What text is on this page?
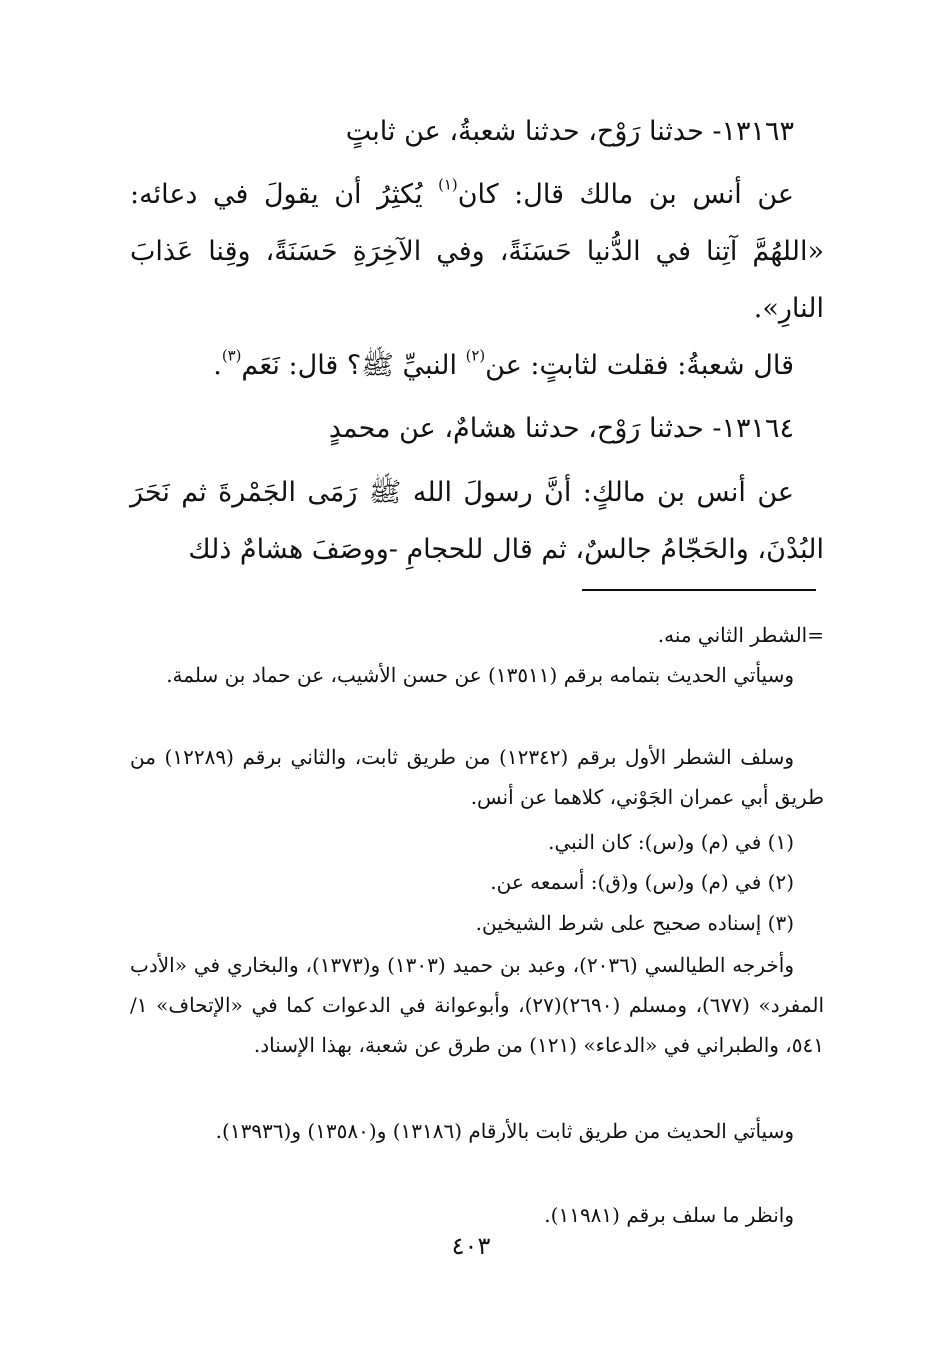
١٣١٦٣- حدثنا رَوْح، حدثنا شعبةُ، عن ثابتٍ

عن أنس بن مالك قال: كان$^{(١)}$ يُكثِرُ أن يقولَ في دعائه: «اللهُمَّ آتِنا في الدُّنيا حَسَنَةً، وفي الآخِرَةِ حَسَنَةً، وقِنا عَذابَ النارِ».

قال شعبةُ: فقلت لثابتٍ: عن$^{(٢)}$ النبيِّ ﷺ؟ قال: نَعَم$^{(٣)}$.

١٣١٦٤- حدثنا رَوْح، حدثنا هشامٌ، عن محمدٍ

عن أنس بن مالكٍ: أنَّ رسولَ الله ﷺ رَمَى الجَمْرةَ ثم نَحَرَ البُدْنَ، والحَجّامُ جالسٌ، ثم قال للحجامِ -ووصَفَ هشامٌ ذلك

=الشطر الثاني منه.

وسيأتي الحديث بتمامه برقم (١٣٥١١) عن حسن الأشيب، عن حماد بن سلمة.

وسلف الشطر الأول برقم (١٢٣٤٢) من طريق ثابت، والثاني برقم (١٢٢٨٩) من طريق أبي عمران الجَوْني، كلاهما عن أنس.

(١) في (م) و(س): كان النبي.

(٢) في (م) و(س) و(ق): أسمعه عن.

(٣) إسناده صحيح على شرط الشيخين.

وأخرجه الطيالسي (٢٠٣٦)، وعبد بن حميد (١٣٠٣) و(١٣٧٣)، والبخاري في «الأدب المفرد» (٦٧٧)، ومسلم (٢٦٩٠)(٢٧)، وأبوعوانة في الدعوات كما في «الإتحاف» ١/ ٥٤١، والطبراني في «الدعاء» (١٢١) من طرق عن شعبة، بهذا الإسناد.

وسيأتي الحديث من طريق ثابت بالأرقام (١٣١٨٦) و(١٣٥٨٠) و(١٣٩٣٦).

وانظر ما سلف برقم (١١٩٨١).

٤٠٣
